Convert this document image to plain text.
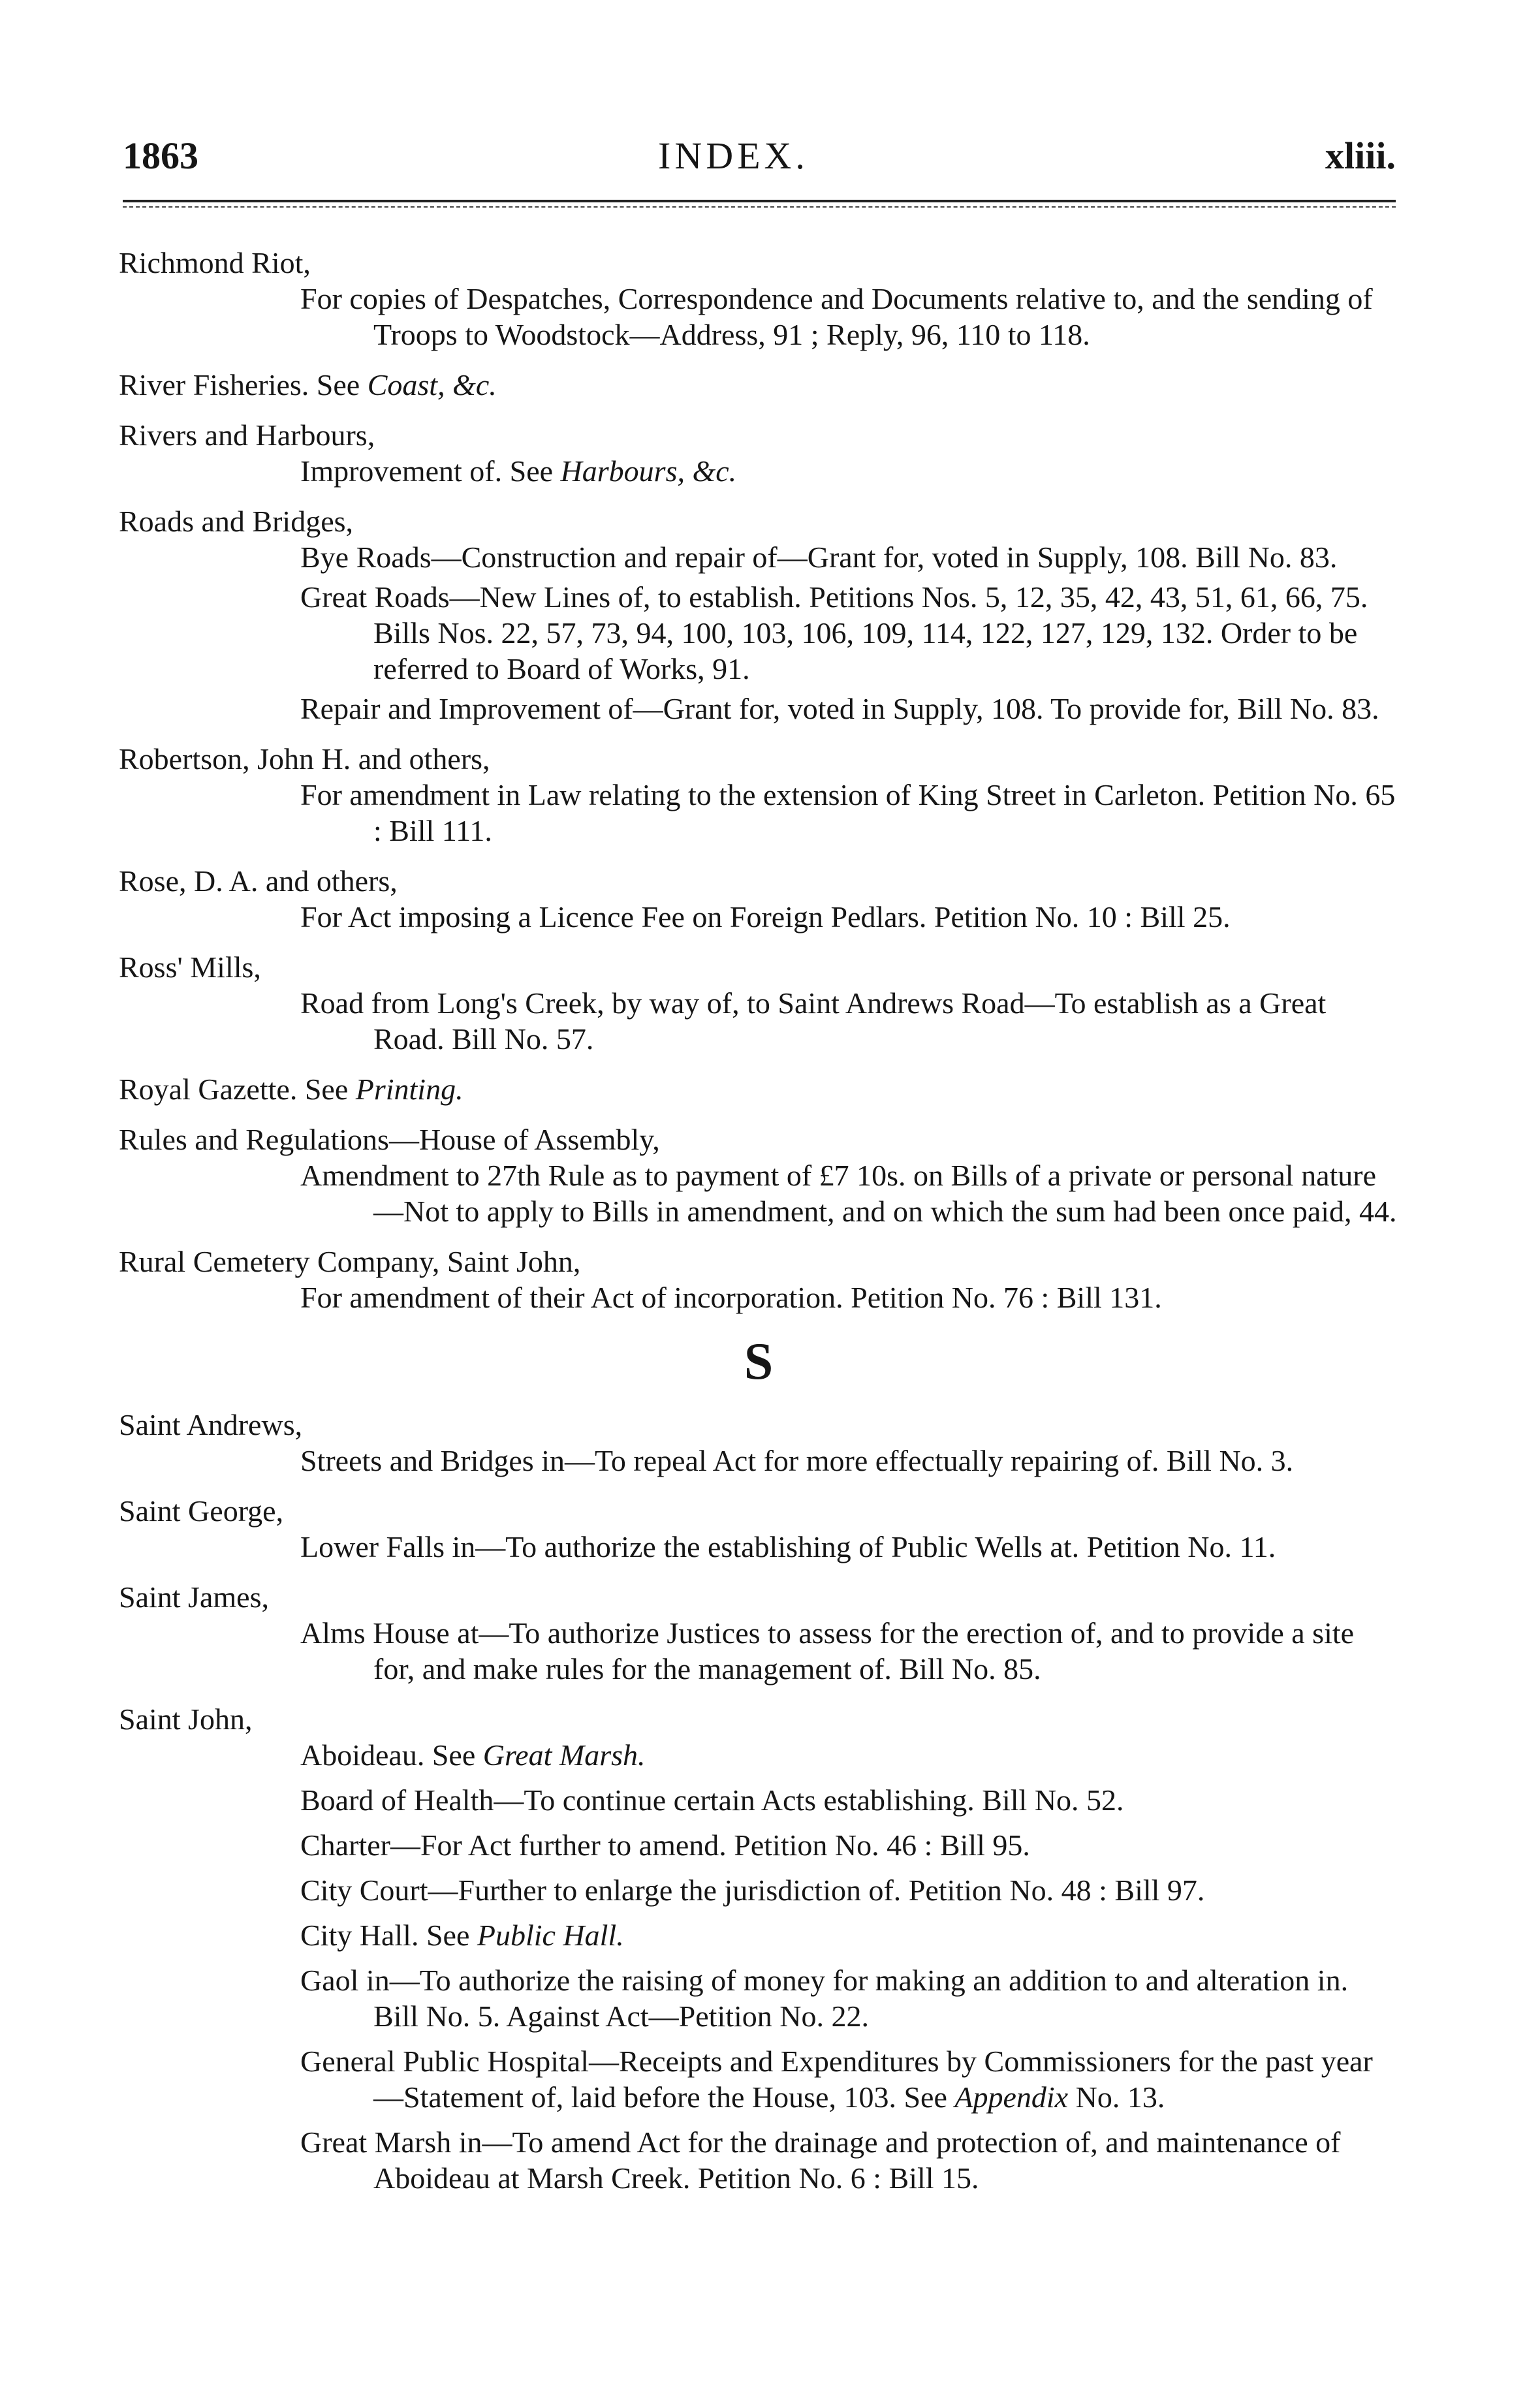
1863	INDEX.	xliii.
Richmond Riot,
For copies of Despatches, Correspondence and Documents relative to, and the sending of Troops to Woodstock—Address, 91 ; Reply, 96, 110 to 118.
River Fisheries. See Coast, &c.
Rivers and Harbours,
Improvement of. See Harbours, &c.
Roads and Bridges,
Bye Roads—Construction and repair of—Grant for, voted in Supply, 108. Bill No. 83.
Great Roads—New Lines of, to establish. Petitions Nos. 5, 12, 35, 42, 43, 51, 61, 66, 75. Bills Nos. 22, 57, 73, 94, 100, 103, 106, 109, 114, 122, 127, 129, 132. Order to be referred to Board of Works, 91.
Repair and Improvement of—Grant for, voted in Supply, 108. To provide for, Bill No. 83.
Robertson, John H. and others,
For amendment in Law relating to the extension of King Street in Carleton. Petition No. 65 : Bill 111.
Rose, D. A. and others,
For Act imposing a Licence Fee on Foreign Pedlars. Petition No. 10 : Bill 25.
Ross' Mills,
Road from Long's Creek, by way of, to Saint Andrews Road—To establish as a Great Road. Bill No. 57.
Royal Gazette. See Printing.
Rules and Regulations—House of Assembly,
Amendment to 27th Rule as to payment of £7 10s. on Bills of a private or personal nature—Not to apply to Bills in amendment, and on which the sum had been once paid, 44.
Rural Cemetery Company, Saint John,
For amendment of their Act of incorporation. Petition No. 76 : Bill 131.
S
Saint Andrews,
Streets and Bridges in—To repeal Act for more effectually repairing of. Bill No. 3.
Saint George,
Lower Falls in—To authorize the establishing of Public Wells at. Petition No. 11.
Saint James,
Alms House at—To authorize Justices to assess for the erection of, and to provide a site for, and make rules for the management of. Bill No. 85.
Saint John,
Aboideau. See Great Marsh.
Board of Health—To continue certain Acts establishing. Bill No. 52.
Charter—For Act further to amend. Petition No. 46 : Bill 95.
City Court—Further to enlarge the jurisdiction of. Petition No. 48 : Bill 97.
City Hall. See Public Hall.
Gaol in—To authorize the raising of money for making an addition to and alteration in. Bill No. 5. Against Act—Petition No. 22.
General Public Hospital—Receipts and Expenditures by Commissioners for the past year—Statement of, laid before the House, 103. See Appendix No. 13.
Great Marsh in—To amend Act for the drainage and protection of, and maintenance of Aboideau at Marsh Creek. Petition No. 6 : Bill 15.
